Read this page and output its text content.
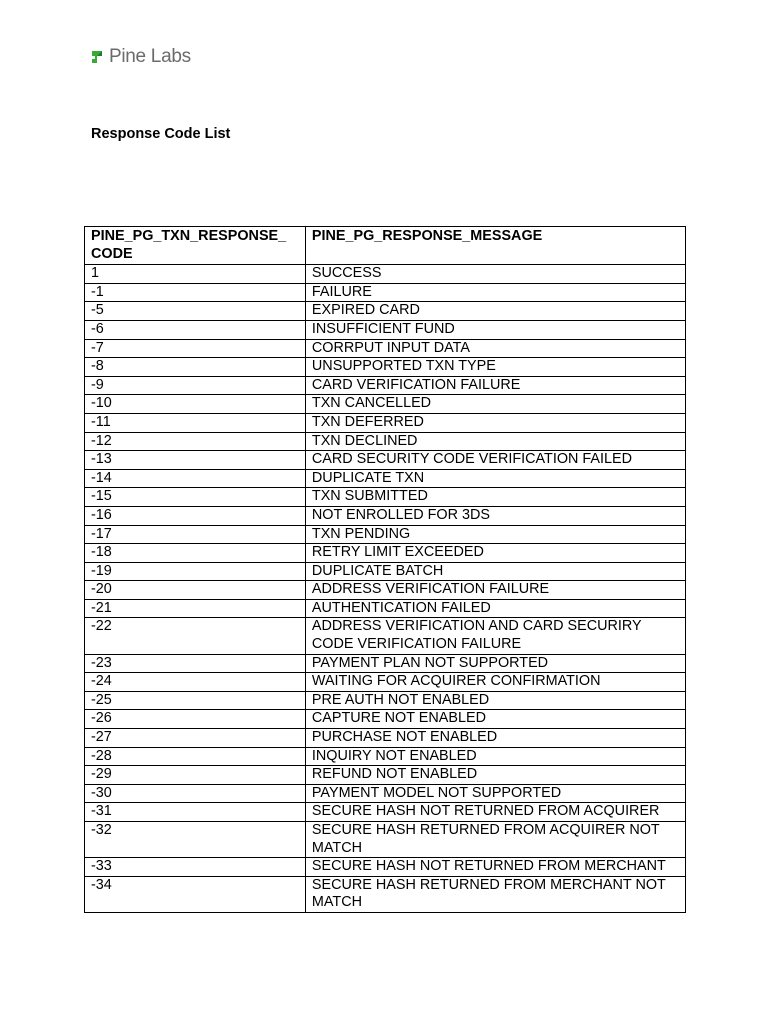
Pine Labs
Response Code List
PINE_PG_TXN_RESPONSE_ CODE	PINE_PG_RESPONSE_MESSAGE
1	SUCCESS
-1	FAILURE
-5	EXPIRED CARD
-6	INSUFFICIENT FUND
-7	CORRPUT INPUT DATA
-8	UNSUPPORTED TXN TYPE
-9	CARD VERIFICATION FAILURE
-10	TXN CANCELLED
-11	TXN DEFERRED
-12	TXN DECLINED
-13	CARD SECURITY CODE VERIFICATION FAILED
-14	DUPLICATE TXN
-15	TXN SUBMITTED
-16	NOT ENROLLED FOR 3DS
-17	TXN PENDING
-18	RETRY LIMIT EXCEEDED
-19	DUPLICATE BATCH
-20	ADDRESS VERIFICATION FAILURE
-21	AUTHENTICATION FAILED
-22	ADDRESS VERIFICATION AND CARD SECURIRY CODE VERIFICATION FAILURE
-23	PAYMENT PLAN NOT SUPPORTED
-24	WAITING FOR ACQUIRER CONFIRMATION
-25	PRE AUTH NOT ENABLED
-26	CAPTURE NOT ENABLED
-27	PURCHASE NOT ENABLED
-28	INQUIRY NOT ENABLED
-29	REFUND NOT ENABLED
-30	PAYMENT MODEL NOT SUPPORTED
-31	SECURE HASH NOT RETURNED FROM ACQUIRER
-32	SECURE HASH RETURNED FROM ACQUIRER NOT MATCH
-33	SECURE HASH NOT RETURNED FROM MERCHANT
-34	SECURE HASH RETURNED FROM MERCHANT NOT MATCH
